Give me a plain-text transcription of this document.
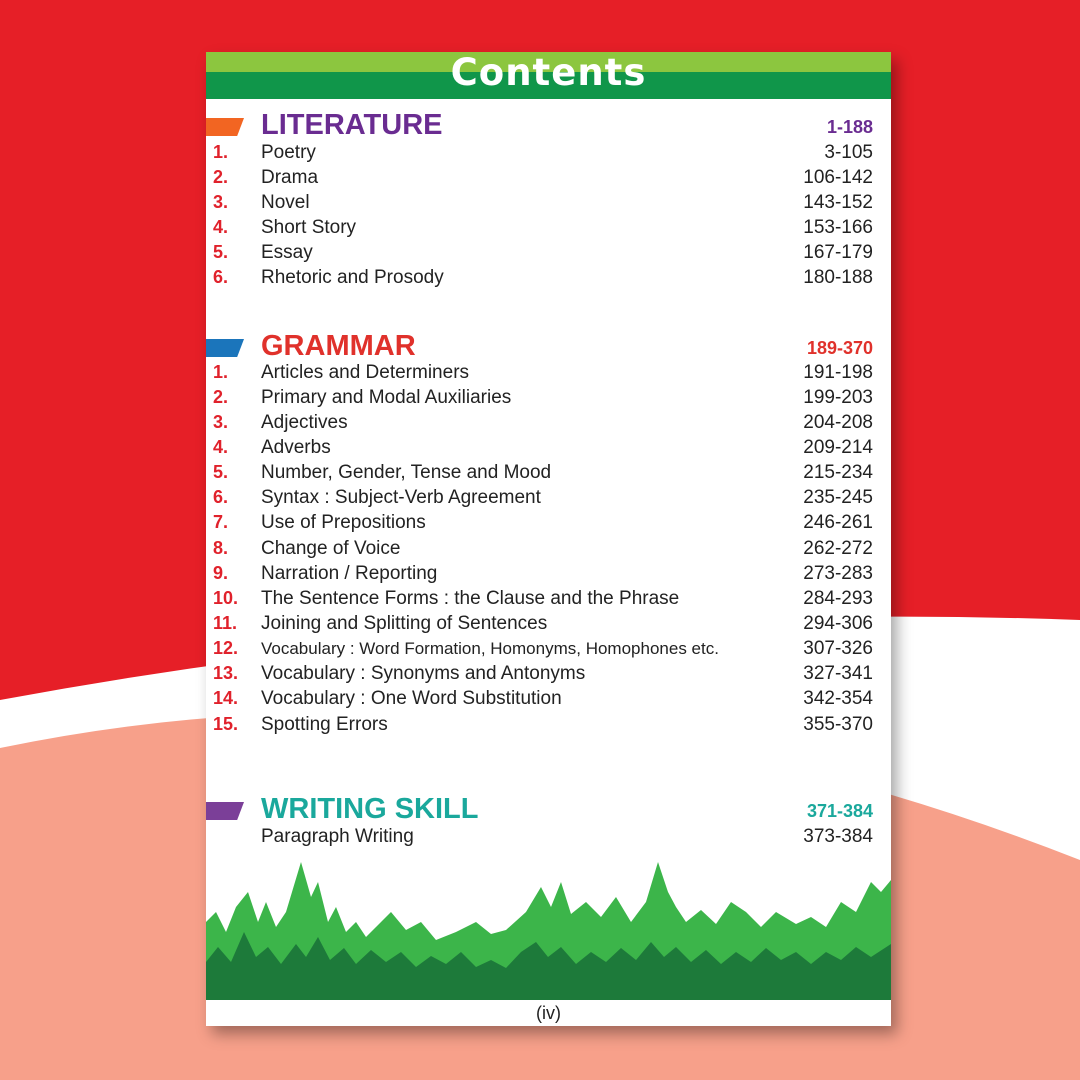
Contents
LITERATURE	1-188
1. Poetry	3-105
2. Drama	106-142
3. Novel	143-152
4. Short Story	153-166
5. Essay	167-179
6. Rhetoric and Prosody	180-188
GRAMMAR	189-370
1. Articles and Determiners	191-198
2. Primary and Modal Auxiliaries	199-203
3. Adjectives	204-208
4. Adverbs	209-214
5. Number, Gender, Tense and Mood	215-234
6. Syntax : Subject-Verb Agreement	235-245
7. Use of Prepositions	246-261
8. Change of Voice	262-272
9. Narration / Reporting	273-283
10. The Sentence Forms : the Clause and the Phrase	284-293
11. Joining and Splitting of Sentences	294-306
12. Vocabulary : Word Formation, Homonyms, Homophones etc.	307-326
13. Vocabulary : Synonyms and Antonyms	327-341
14. Vocabulary : One Word Substitution	342-354
15. Spotting Errors	355-370
WRITING SKILL	371-384
Paragraph Writing	373-384
(iv)
